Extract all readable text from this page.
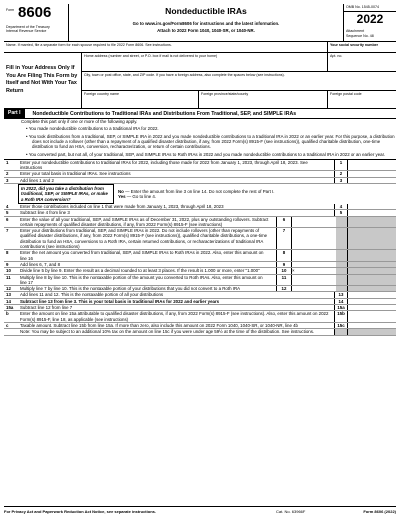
Form 8606
Department of the Treasury
Internal Revenue Service
Nondeductible IRAs
Go to www.irs.gov/Form8606 for instructions and the latest information.
Attach to 2022 Form 1040, 1040-SR, or 1040-NR.
OMB No. 1545-0074
2022
Attachment
Sequence No. 48
Name. If married, file a separate form for each spouse required to file 2022 Form 8606. See instructions.	Your social security number
Fill in Your Address Only If You Are Filing This Form by Itself and Not With Your Tax Return
Home address (number and street, or P.O. box if mail is not delivered to your home)	Apt. no.
City, town or post office, state, and ZIP code. If you have a foreign address, also complete the spaces below (see instructions).
Foreign country name	Foreign province/state/county	Foreign postal code
Part I	Nondeductible Contributions to Traditional IRAs and Distributions From Traditional, SEP, and SIMPLE IRAs
Complete this part only if one or more of the following apply.
• You made nondeductible contributions to a traditional IRA for 2022.
• You took distributions from a traditional, SEP, or SIMPLE IRA in 2022 and you made nondeductible contributions to a traditional IRA in 2022 or an earlier year. For this purpose, a distribution does not include a rollover (other than a repayment of a qualified disaster distribution, if any, from 2022 Form(s) 8915-F (see instructions)), qualified charitable distribution, one-time distribution to fund an HSA, conversion, recharacterization, or return of certain contributions.
• You converted part, but not all, of your traditional, SEP, and SIMPLE IRAs to Roth IRAs in 2022 and you made nondeductible contributions to a traditional IRA in 2022 or an earlier year.
1	Enter your nondeductible contributions to traditional IRAs for 2022, including those made for 2022 from January 1, 2023, through April 18, 2023. See instructions
1
2	Enter your total basis in traditional IRAs. See instructions	2
3	Add lines 1 and 2	3
In 2022, did you take a distribution from traditional, SEP, or SIMPLE IRAs, or make a Roth IRA conversion?
No — Enter the amount from line 3 on line 14. Do not complete the rest of Part I.
Yes — Go to line 4.
4	Enter those contributions included on line 1 that were made from January 1, 2023, through April 18, 2023	4
5	Subtract line 4 from line 3	5
6	Enter the value of all your traditional, SEP, and SIMPLE IRAs as of December 31, 2022, plus any outstanding rollovers. Subtract certain repayments of qualified disaster distributions, if any, from 2022 Form(s) 8915-F (see instructions)
6
7	Enter your distributions from traditional, SEP, and SIMPLE IRAs in 2022. Do not include rollovers (other than repayments of qualified disaster distributions, if any, from 2022 Form(s) 8915-F (see instructions)), qualified charitable distributions, a one-time distribution to fund an HSA, conversions to a Roth IRA, certain returned contributions, or recharacterizations of traditional IRA contributions (see instructions)
7
8	Enter the net amount you converted from traditional, SEP, and SIMPLE IRAs to Roth IRAs in 2022. Also, enter this amount on line 16
8
9	Add lines 6, 7, and 8	9
10	Divide line 5 by line 9. Enter the result as a decimal rounded to at least 3 places. If the result is 1.000 or more, enter "1.000"	10	×
11	Multiply line 8 by line 10. This is the nontaxable portion of the amount you converted to Roth IRAs. Also, enter this amount on line 17
11
12	Multiply line 7 by line 10. This is the nontaxable portion of your distributions that you did not convert to a Roth IRA	12
13	Add lines 11 and 12. This is the nontaxable portion of all your distributions	13
14	Subtract line 13 from line 3. This is your total basis in traditional IRAs for 2022 and earlier years	14
15a	Subtract line 12 from line 7	15a
b	Enter the amount on line 15a attributable to qualified disaster distributions, if any, from 2022 Form(s) 8915-F (see instructions). Also, enter this amount on 2022 Form(s) 8915-F, line 18, as applicable (see instructions)
15b
c	Taxable amount. Subtract line 15b from line 15a. If more than zero, also include this amount on 2022 Form 1040, 1040-SR, or 1040-NR, line 4b	15c
Note: You may be subject to an additional 10% tax on the amount on line 15c if you were under age 59½ at the time of the distribution. See instructions.
For Privacy Act and Paperwork Reduction Act Notice, see separate instructions.	Cat. No. 63966F	Form 8606 (2022)
